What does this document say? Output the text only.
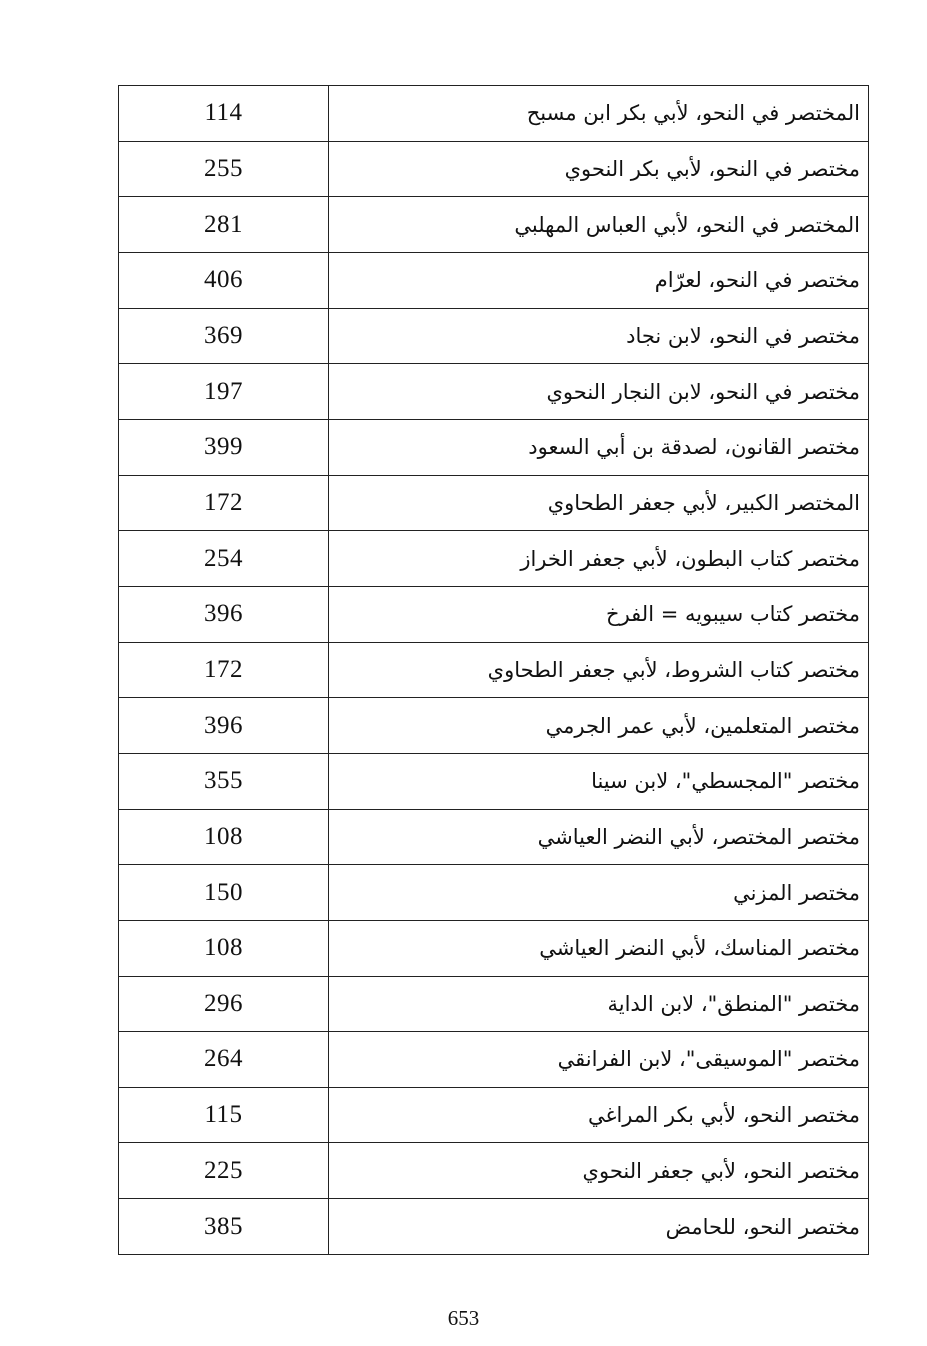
114	المختصر في النحو، لأبي بكر ابن مسبح
255	مختصر في النحو، لأبي بكر النحوي
281	المختصر في النحو، لأبي العباس المهلبي
406	مختصر في النحو، لعرّام
369	مختصر في النحو، لابن نجاد
197	مختصر في النحو، لابن النجار النحوي
399	مختصر القانون، لصدقة بن أبي السعود
172	المختصر الكبير، لأبي جعفر الطحاوي
254	مختصر كتاب البطون، لأبي جعفر الخراز
396	مختصر كتاب سيبويه = الفرخ
172	مختصر كتاب الشروط، لأبي جعفر الطحاوي
396	مختصر المتعلمين، لأبي عمر الجرمي
355	مختصر "المجسطي"، لابن سينا
108	مختصر المختصر، لأبي النضر العياشي
150	مختصر المزني
108	مختصر المناسك، لأبي النضر العياشي
296	مختصر "المنطق"، لابن الداية
264	مختصر "الموسيقى"، لابن الفرانقي
115	مختصر النحو، لأبي بكر المراغي
225	مختصر النحو، لأبي جعفر النحوي
385	مختصر النحو، للحامض
653
